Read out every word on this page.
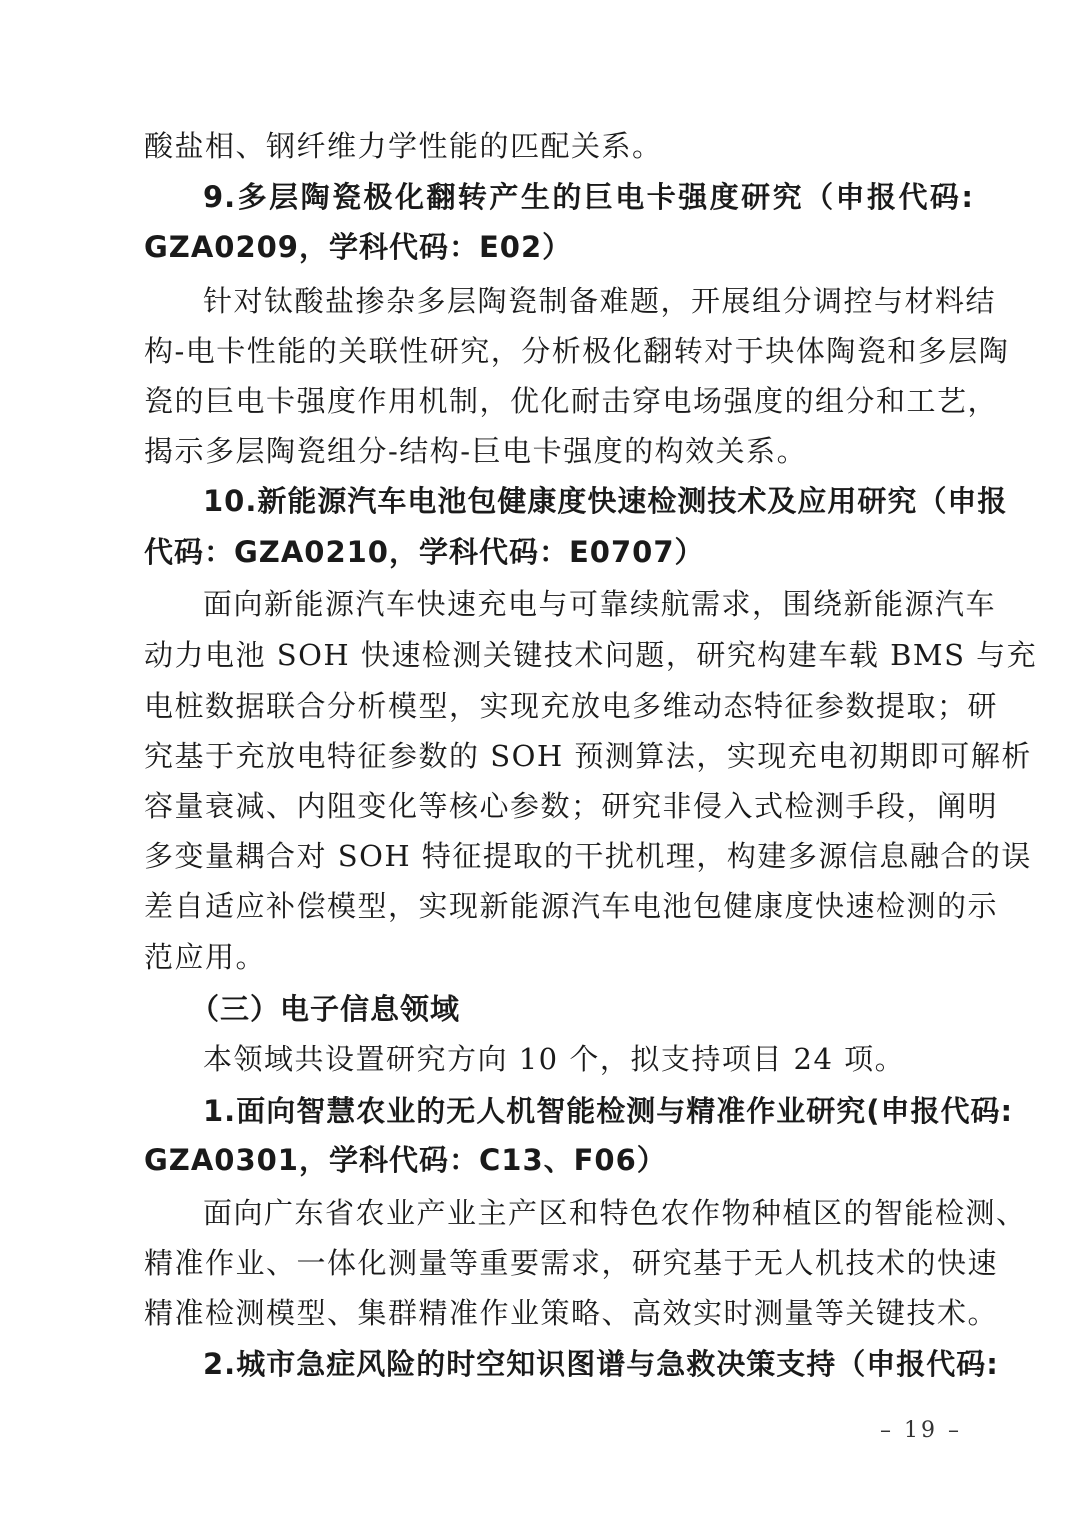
酸盐相、钢纤维力学性能的匹配关系。
9.多层陶瓷极化翻转产生的巨电卡强度研究（申报代码:
GZA0209，学科代码：E02）
针对钛酸盐掺杂多层陶瓷制备难题，开展组分调控与材料结
构-电卡性能的关联性研究，分析极化翻转对于块体陶瓷和多层陶
瓷的巨电卡强度作用机制，优化耐击穿电场强度的组分和工艺，
揭示多层陶瓷组分-结构-巨电卡强度的构效关系。
10.新能源汽车电池包健康度快速检测技术及应用研究（申报
代码：GZA0210，学科代码：E0707）
面向新能源汽车快速充电与可靠续航需求，围绕新能源汽车
动力电池 SOH 快速检测关键技术问题，研究构建车载 BMS 与充
电桩数据联合分析模型，实现充放电多维动态特征参数提取；研
究基于充放电特征参数的 SOH 预测算法，实现充电初期即可解析
容量衰减、内阻变化等核心参数；研究非侵入式检测手段，阐明
多变量耦合对 SOH 特征提取的干扰机理，构建多源信息融合的误
差自适应补偿模型，实现新能源汽车电池包健康度快速检测的示
范应用。
（三）电子信息领域
本领域共设置研究方向 10 个，拟支持项目 24 项。
1.面向智慧农业的无人机智能检测与精准作业研究(申报代码:
GZA0301，学科代码：C13、F06）
面向广东省农业产业主产区和特色农作物种植区的智能检测、
精准作业、一体化测量等重要需求，研究基于无人机技术的快速
精准检测模型、集群精准作业策略、高效实时测量等关键技术。
2.城市急症风险的时空知识图谱与急救决策支持（申报代码:
– 19 –
